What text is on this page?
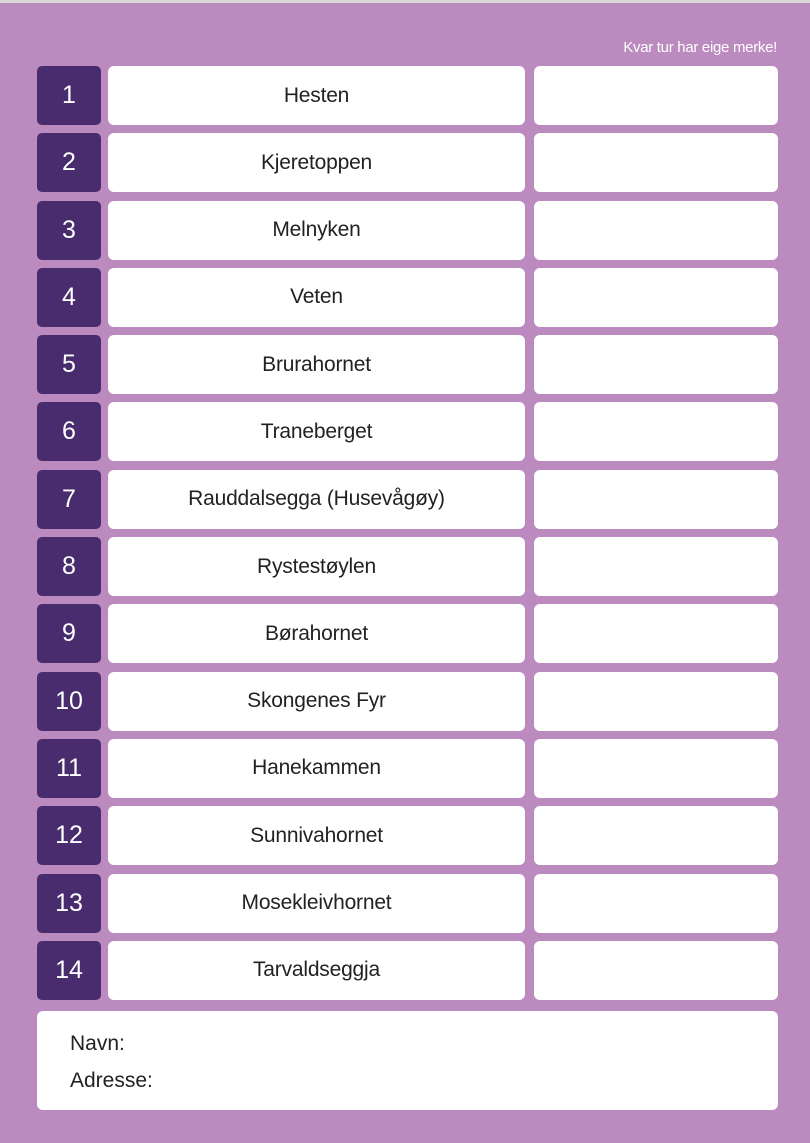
Kvar tur har eige merke!
1	Hesten
2	Kjeretoppen
3	Melnyken
4	Veten
5	Brurahornet
6	Traneberget
7	Rauddalsegga (Husevågøy)
8	Rystestøylen
9	Børahornet
10	Skongenes Fyr
11	Hanekammen
12	Sunnivahornet
13	Mosekleivhornet
14	Tarvaldseggja
Navn:
Adresse:
